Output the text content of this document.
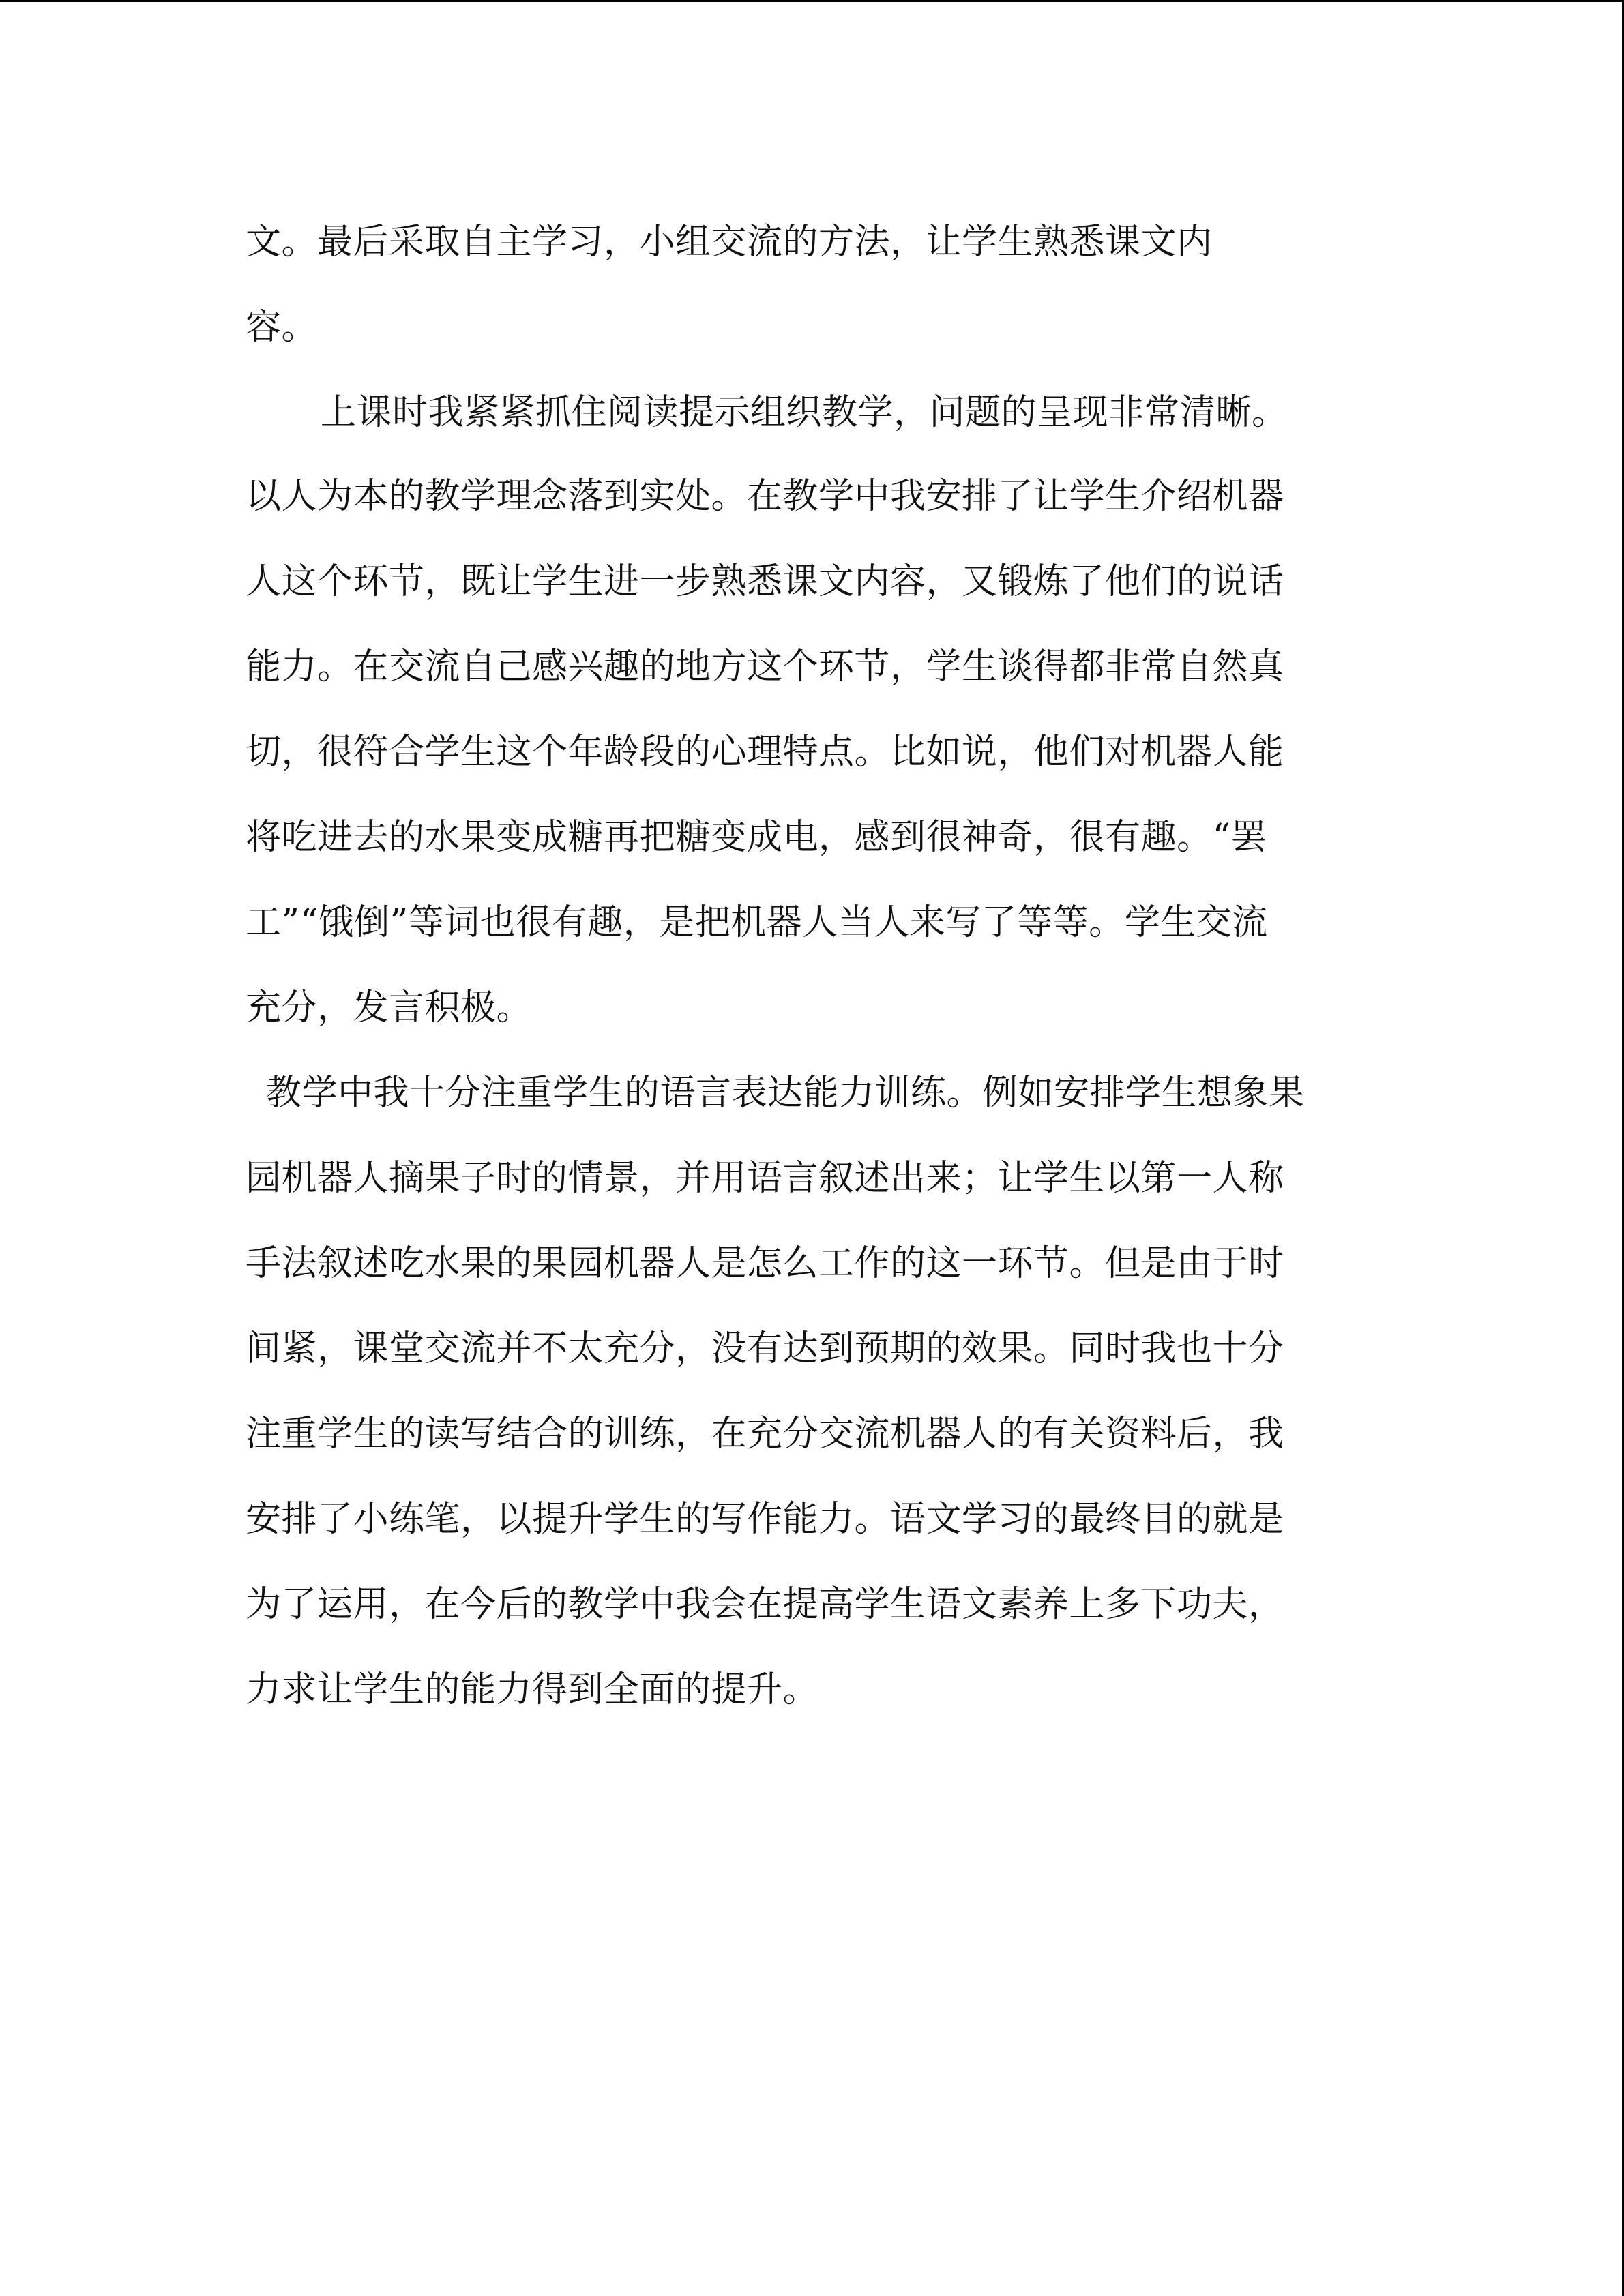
文。最后采取自主学习，小组交流的方法，让学生熟悉课文内
容。
上课时我紧紧抓住阅读提示组织教学，问题的呈现非常清晰。
以人为本的教学理念落到实处。在教学中我安排了让学生介绍机器
人这个环节，既让学生进一步熟悉课文内容，又锻炼了他们的说话
能力。在交流自己感兴趣的地方这个环节，学生谈得都非常自然真
切，很符合学生这个年龄段的心理特点。比如说，他们对机器人能
将吃进去的水果变成糖再把糖变成电，感到很神奇，很有趣。“罢
工”“饿倒”等词也很有趣，是把机器人当人来写了等等。学生交流
充分，发言积极。
教学中我十分注重学生的语言表达能力训练。例如安排学生想象果
园机器人摘果子时的情景，并用语言叙述出来；让学生以第一人称
手法叙述吃水果的果园机器人是怎么工作的这一环节。但是由于时
间紧，课堂交流并不太充分，没有达到预期的效果。同时我也十分
注重学生的读写结合的训练，在充分交流机器人的有关资料后，我
安排了小练笔，以提升学生的写作能力。语文学习的最终目的就是
为了运用，在今后的教学中我会在提高学生语文素养上多下功夫，
力求让学生的能力得到全面的提升。
